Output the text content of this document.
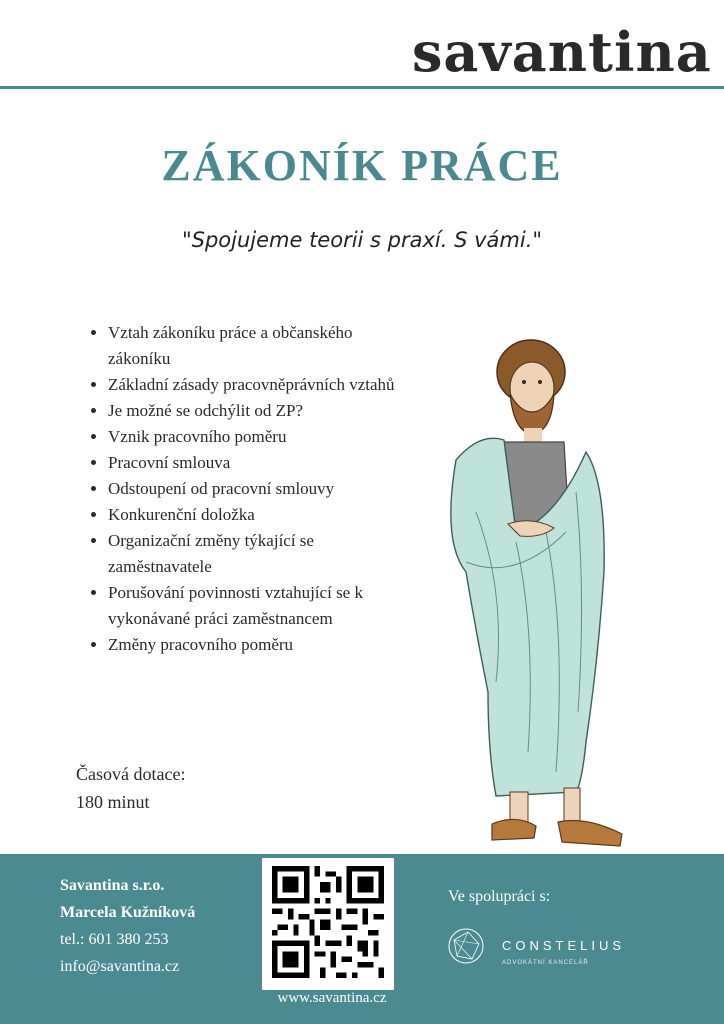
savantina
ZÁKONÍK PRÁCE
"Spojujeme teorii s praxí. S vámi."
• Vztah zákoníku práce a občanského zákoníku
• Základní zásady pracovněprávních vztahů
• Je možné se odchýlit od ZP?
• Vznik pracovního poměru
• Pracovní smlouva
• Odstoupení od pracovní smlouvy
• Konkurenční doložka
• Organizační změny týkající se zaměstnavatele
• Porušování povinnosti vztahující se k vykonávané práci zaměstnancem
• Změny pracovního poměru
Časová dotace:
180 minut
Savantina s.r.o.
Marcela Kužníková
tel.: 601 380 253
info@savantina.cz
www.savantina.cz
Ve spolupráci s:
CONSTELIUS
ADVOKÁTNÍ KANCELÁŘ
